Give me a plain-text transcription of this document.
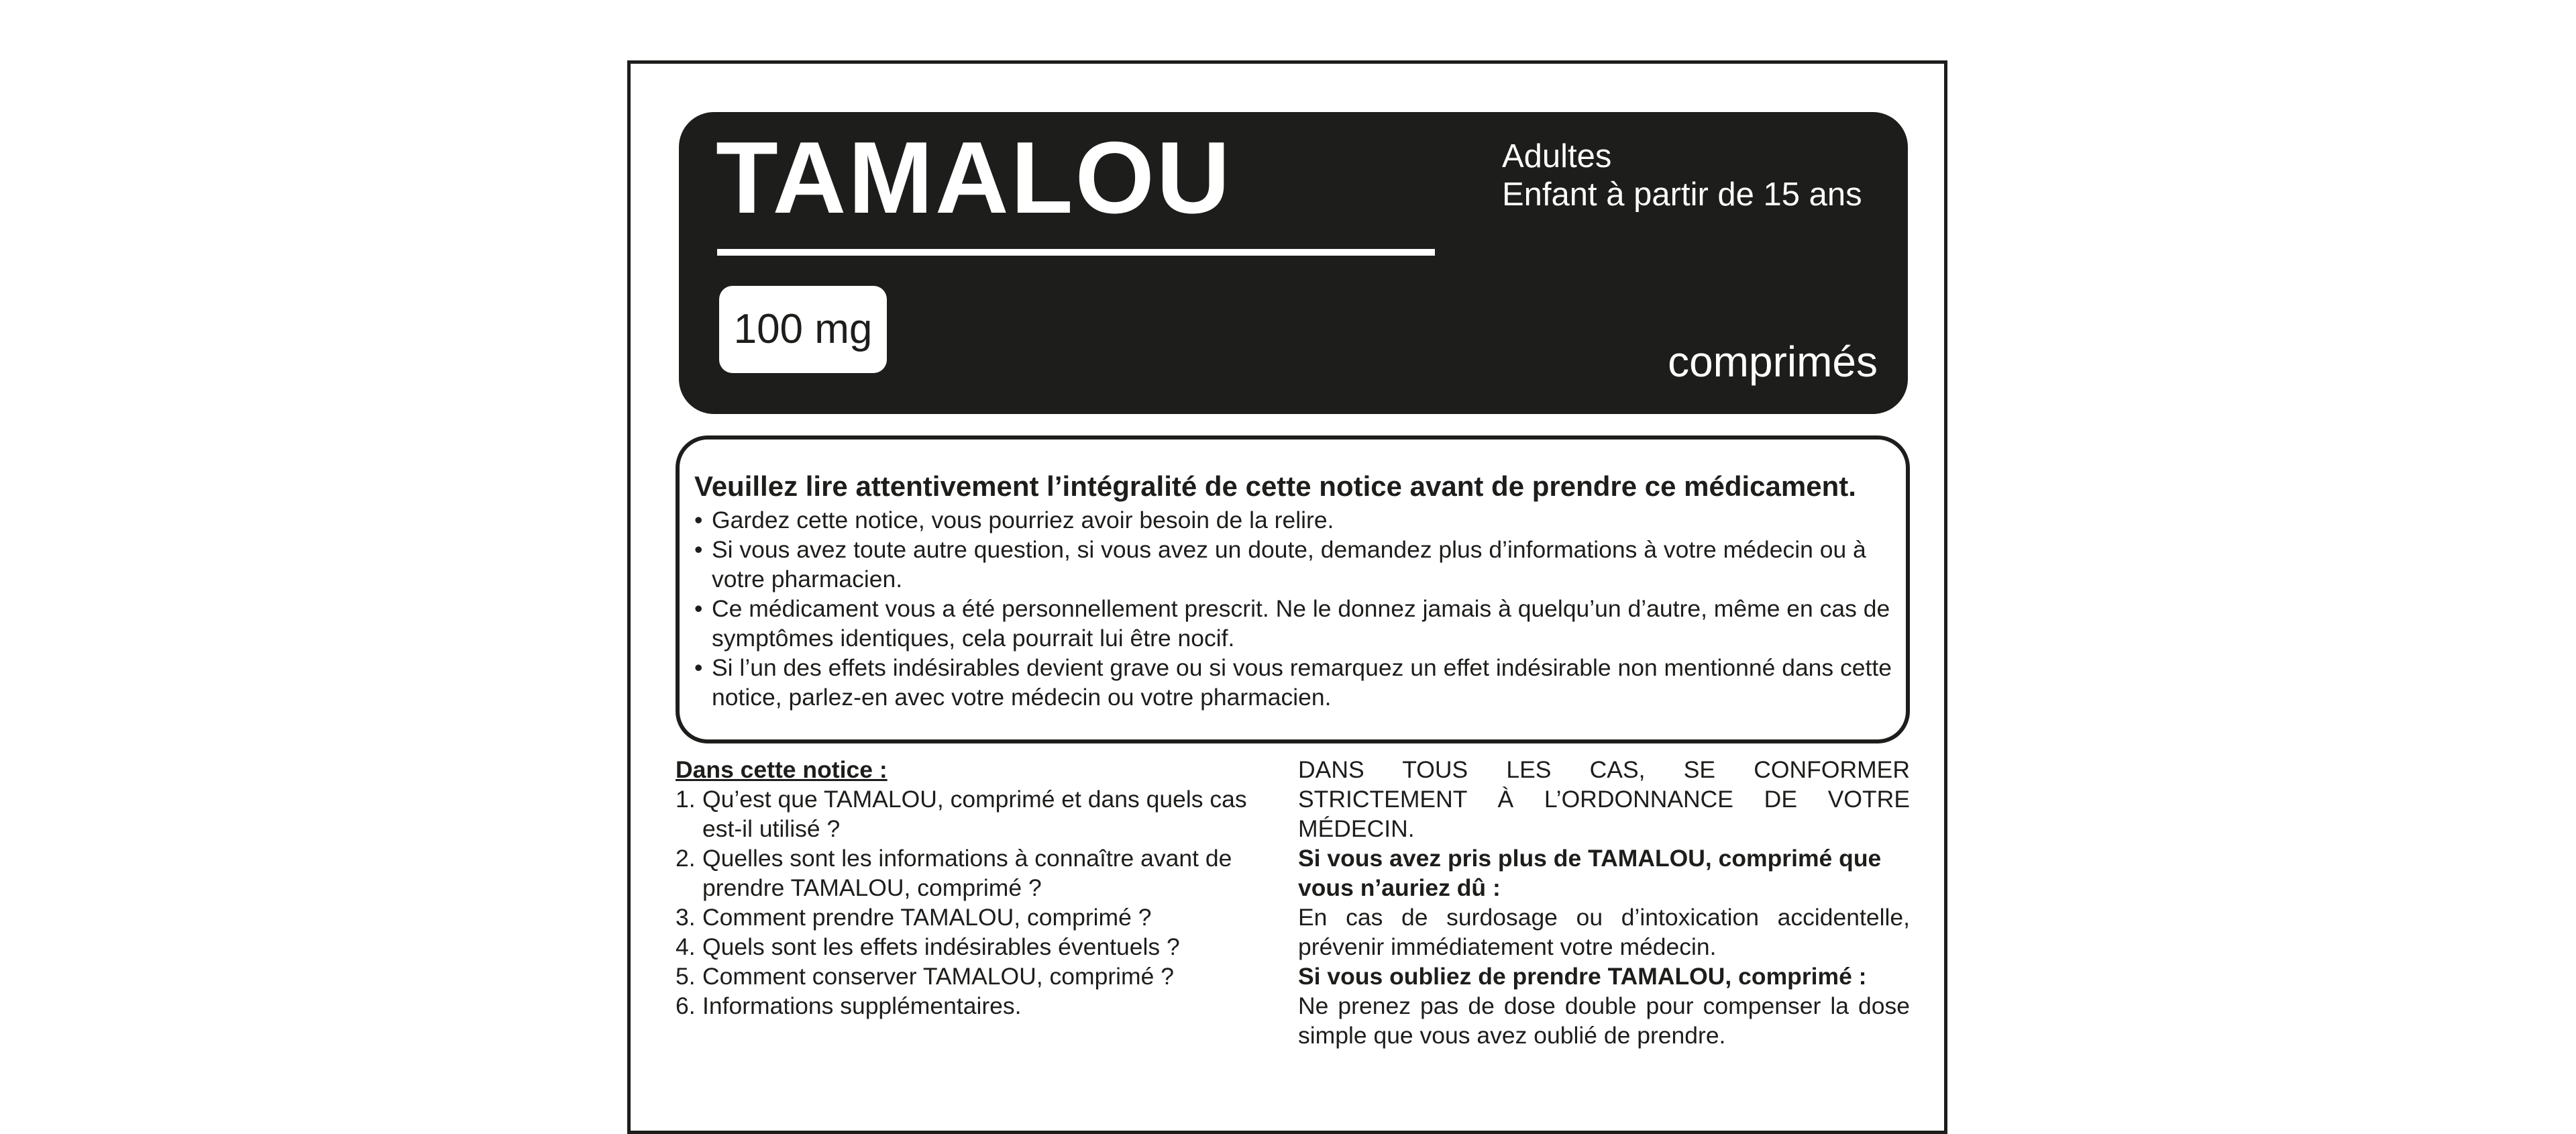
TAMALOU
100 mg
Adultes
Enfant à partir de 15 ans
comprimés

Veuillez lire attentivement l’intégralité de cette notice avant de prendre ce médicament.

• Gardez cette notice, vous pourriez avoir besoin de la relire.
• Si vous avez toute autre question, si vous avez un doute, demandez plus d’informations à votre médecin ou à votre pharmacien.
• Ce médicament vous a été personnellement prescrit. Ne le donnez jamais à quelqu’un d’autre, même en cas de symptômes identiques, cela pourrait lui être nocif.
• Si l’un des effets indésirables devient grave ou si vous remarquez un effet indésirable non mentionné dans cette notice, parlez-en avec votre médecin ou votre pharmacien.
Dans cette notice :
1. Qu’est que TAMALOU, comprimé et dans quels cas est-il utilisé ?
2. Quelles sont les informations à connaître avant de prendre TAMALOU, comprimé ?
3. Comment prendre TAMALOU, comprimé ?
4. Quels sont les effets indésirables éventuels ?
5. Comment conserver TAMALOU, comprimé ?
6. Informations supplémentaires.

DANS TOUS LES CAS, SE CONFORMER STRICTEMENT À L’ORDONNANCE DE VOTRE MÉDECIN.

Si vous avez pris plus de TAMALOU, comprimé que vous n’auriez dû :

En cas de surdosage ou d’intoxication accidentelle, prévenir immédiatement votre médecin.

Si vous oubliez de prendre TAMALOU, comprimé :

Ne prenez pas de dose double pour compenser la dose simple que vous avez oublié de prendre.
